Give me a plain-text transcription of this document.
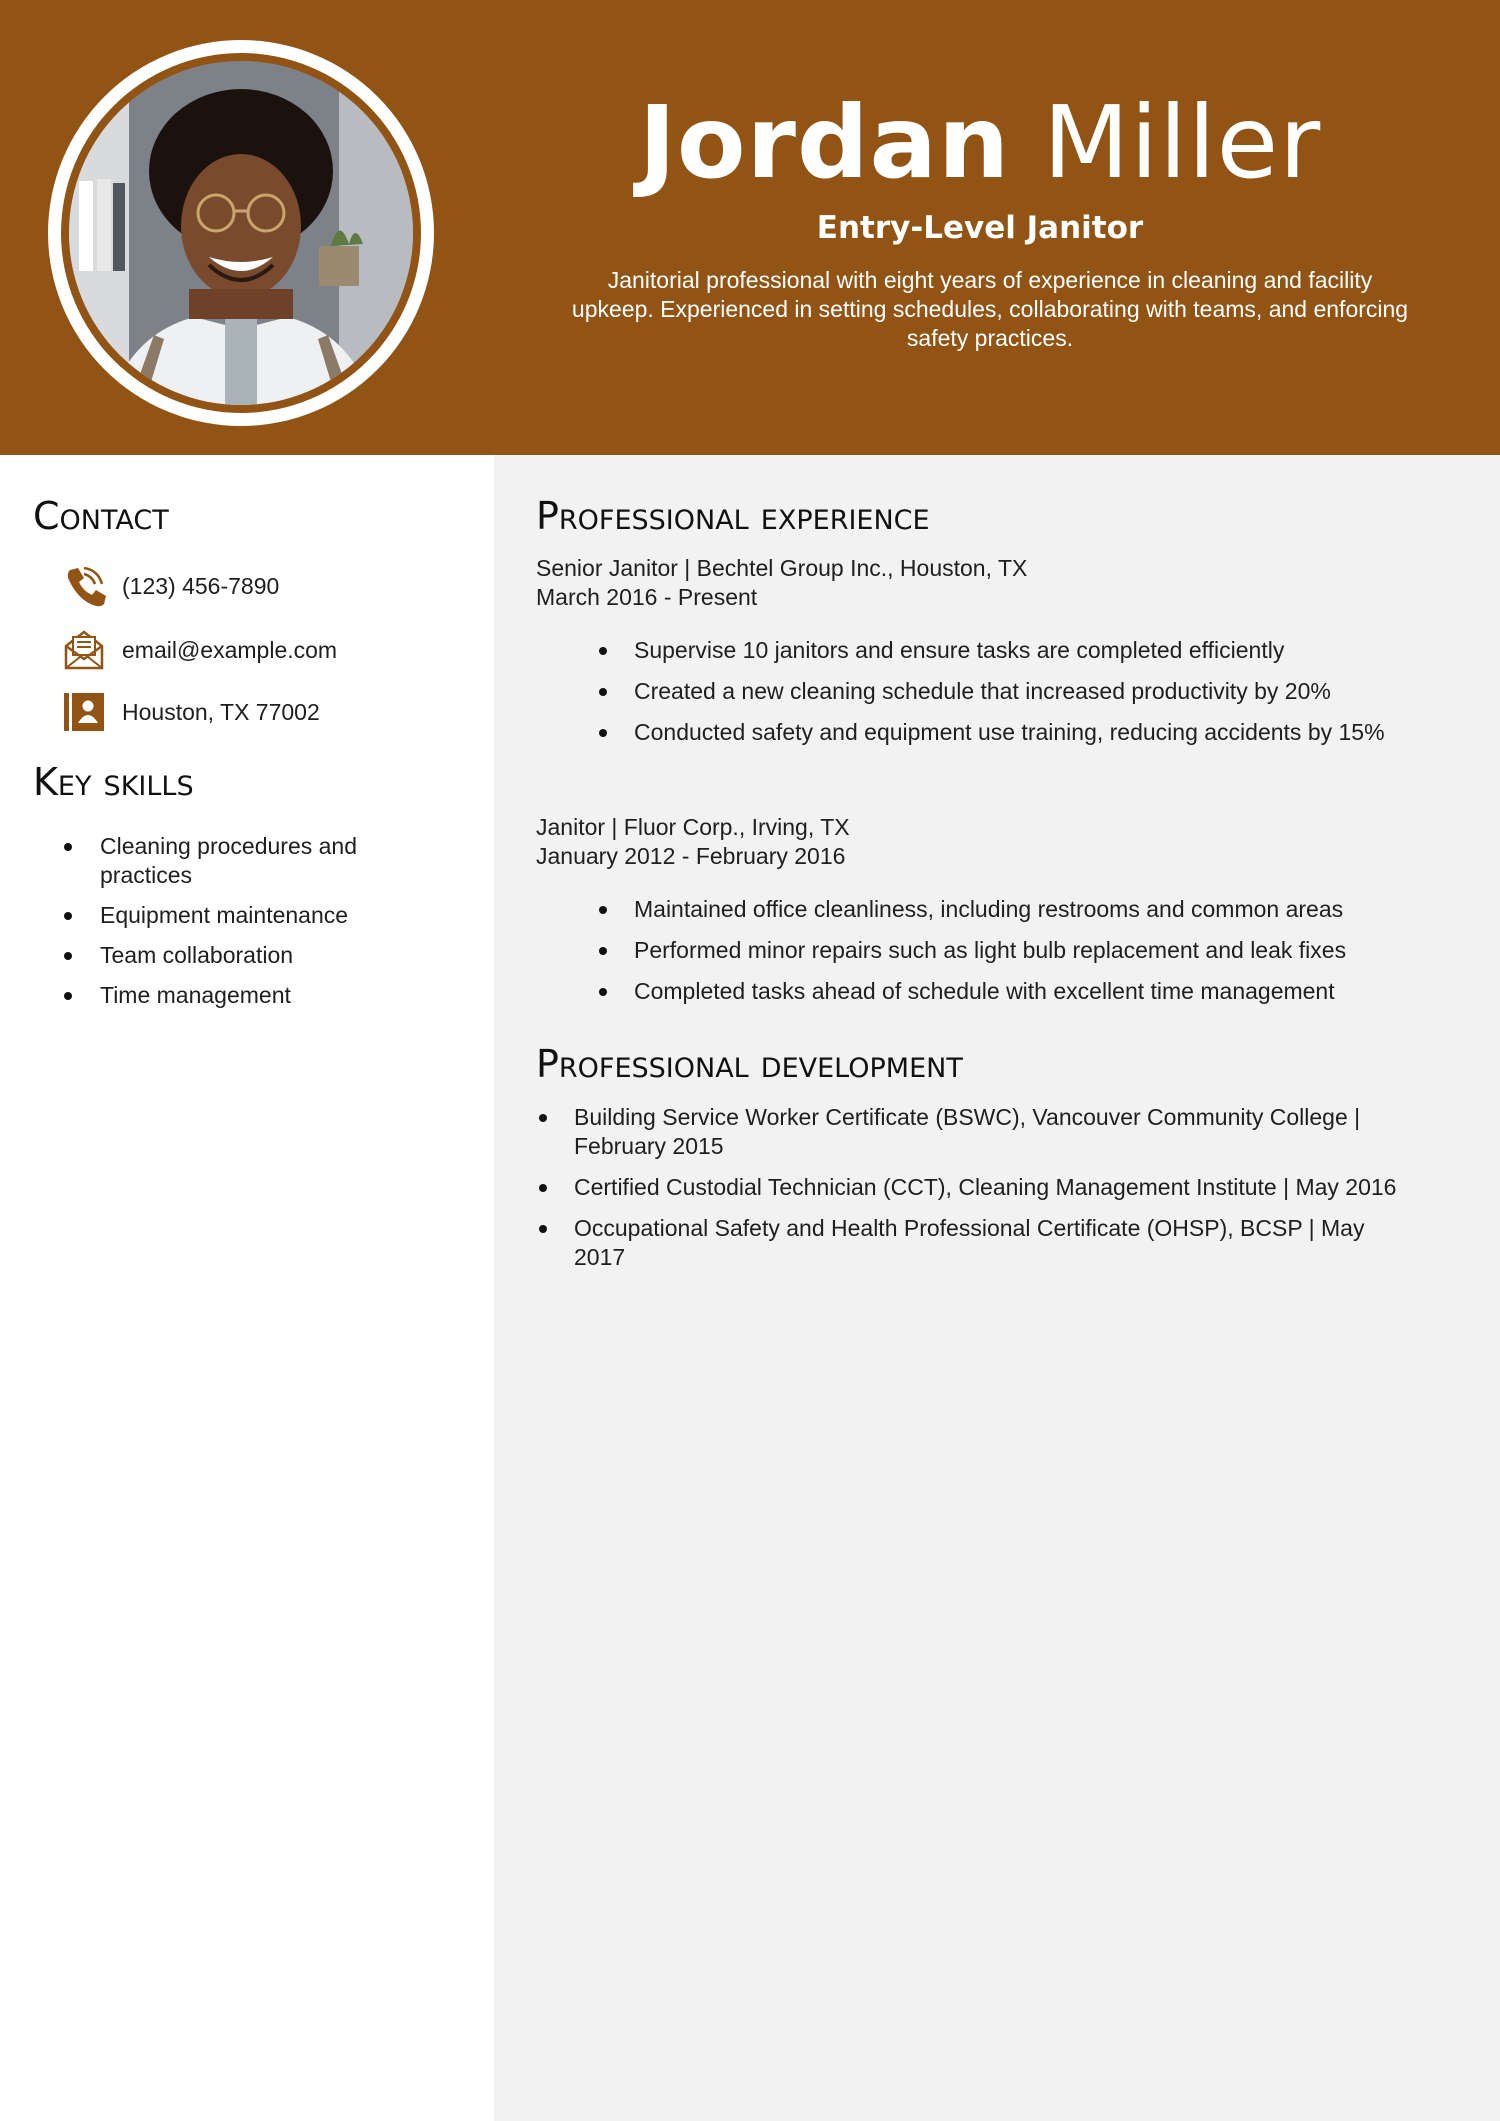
Jordan Miller
Entry-Level Janitor
Janitorial professional with eight years of experience in cleaning and facility upkeep. Experienced in setting schedules, collaborating with teams, and enforcing safety practices.
Contact
(123) 456-7890
email@example.com
Houston, TX 77002
Key skills
Cleaning procedures and practices
Equipment maintenance
Team collaboration
Time management
Professional experience
Senior Janitor | Bechtel Group Inc., Houston, TX
March 2016 - Present
Supervise 10 janitors and ensure tasks are completed efficiently
Created a new cleaning schedule that increased productivity by 20%
Conducted safety and equipment use training, reducing accidents by 15%
Janitor | Fluor Corp., Irving, TX
January 2012 - February 2016
Maintained office cleanliness, including restrooms and common areas
Performed minor repairs such as light bulb replacement and leak fixes
Completed tasks ahead of schedule with excellent time management
Professional development
Building Service Worker Certificate (BSWC), Vancouver Community College | February 2015
Certified Custodial Technician (CCT), Cleaning Management Institute | May 2016
Occupational Safety and Health Professional Certificate (OHSP), BCSP | May 2017
